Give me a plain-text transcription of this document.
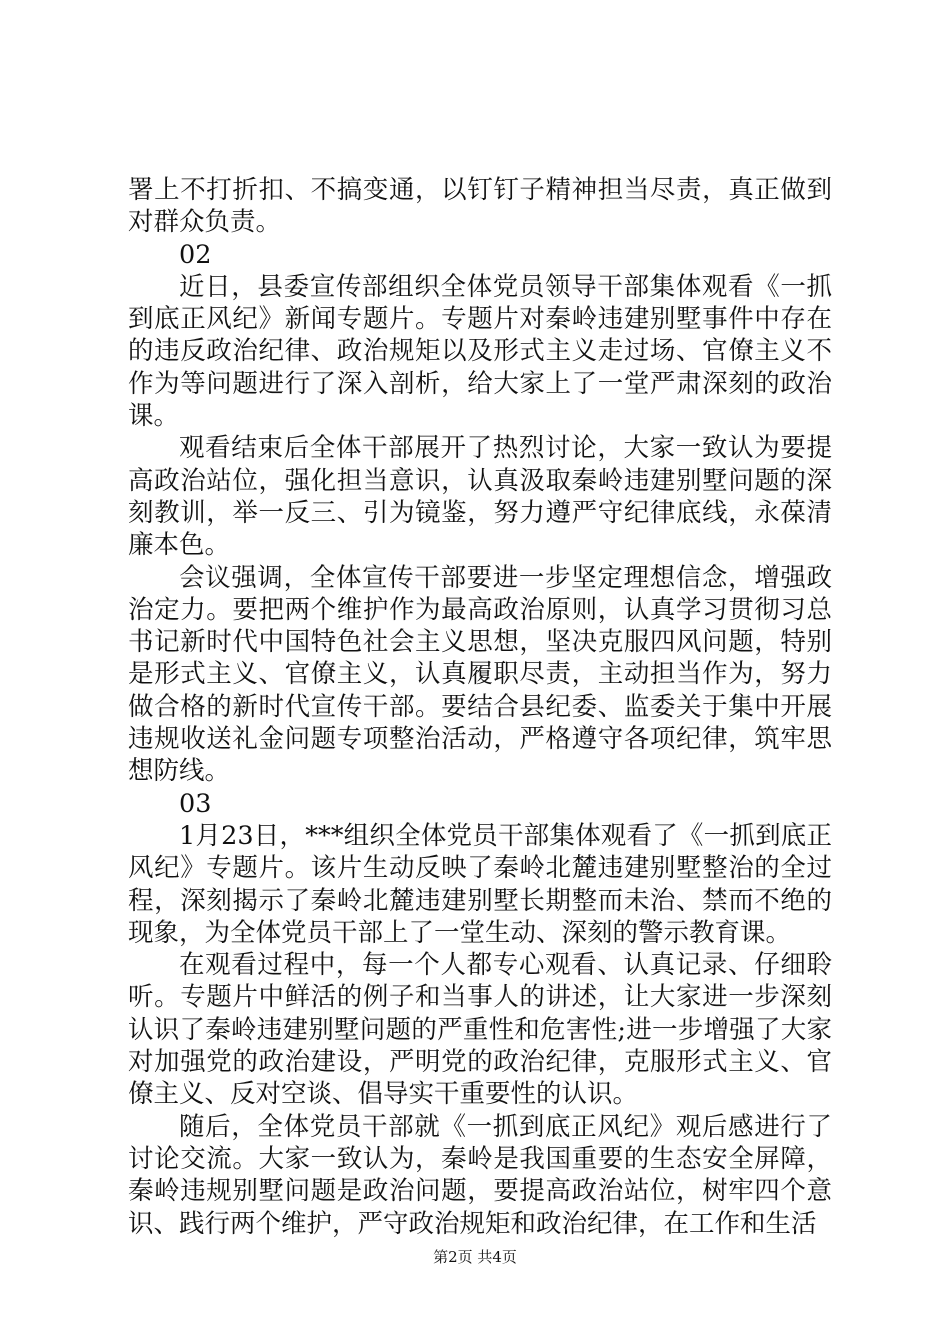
署上不打折扣、不搞变通，以钉钉子精神担当尽责，真正做到对群众负责。

02

近日，县委宣传部组织全体党员领导干部集体观看《一抓到底正风纪》新闻专题片。专题片对秦岭违建别墅事件中存在的违反政治纪律、政治规矩以及形式主义走过场、官僚主义不作为等问题进行了深入剖析，给大家上了一堂严肃深刻的政治课。

观看结束后全体干部展开了热烈讨论，大家一致认为要提高政治站位，强化担当意识，认真汲取秦岭违建别墅问题的深刻教训，举一反三、引为镜鉴，努力遵严守纪律底线，永葆清廉本色。

会议强调，全体宣传干部要进一步坚定理想信念，增强政治定力。要把两个维护作为最高政治原则，认真学习贯彻习总书记新时代中国特色社会主义思想，坚决克服四风问题，特别是形式主义、官僚主义，认真履职尽责，主动担当作为，努力做合格的新时代宣传干部。要结合县纪委、监委关于集中开展违规收送礼金问题专项整治活动，严格遵守各项纪律，筑牢思想防线。

03

1月23日，***组织全体党员干部集体观看了《一抓到底正风纪》专题片。该片生动反映了秦岭北麓违建别墅整治的全过程，深刻揭示了秦岭北麓违建别墅长期整而未治、禁而不绝的现象，为全体党员干部上了一堂生动、深刻的警示教育课。

在观看过程中，每一个人都专心观看、认真记录、仔细聆听。专题片中鲜活的例子和当事人的讲述，让大家进一步深刻认识了秦岭违建别墅问题的严重性和危害性;进一步增强了大家对加强党的政治建设，严明党的政治纪律，克服形式主义、官僚主义、反对空谈、倡导实干重要性的认识。

随后，全体党员干部就《一抓到底正风纪》观后感进行了讨论交流。大家一致认为，秦岭是我国重要的生态安全屏障，秦岭违规别墅问题是政治问题，要提高政治站位，树牢四个意识、践行两个维护，严守政治规矩和政治纪律，在工作和生活

第2页 共4页
